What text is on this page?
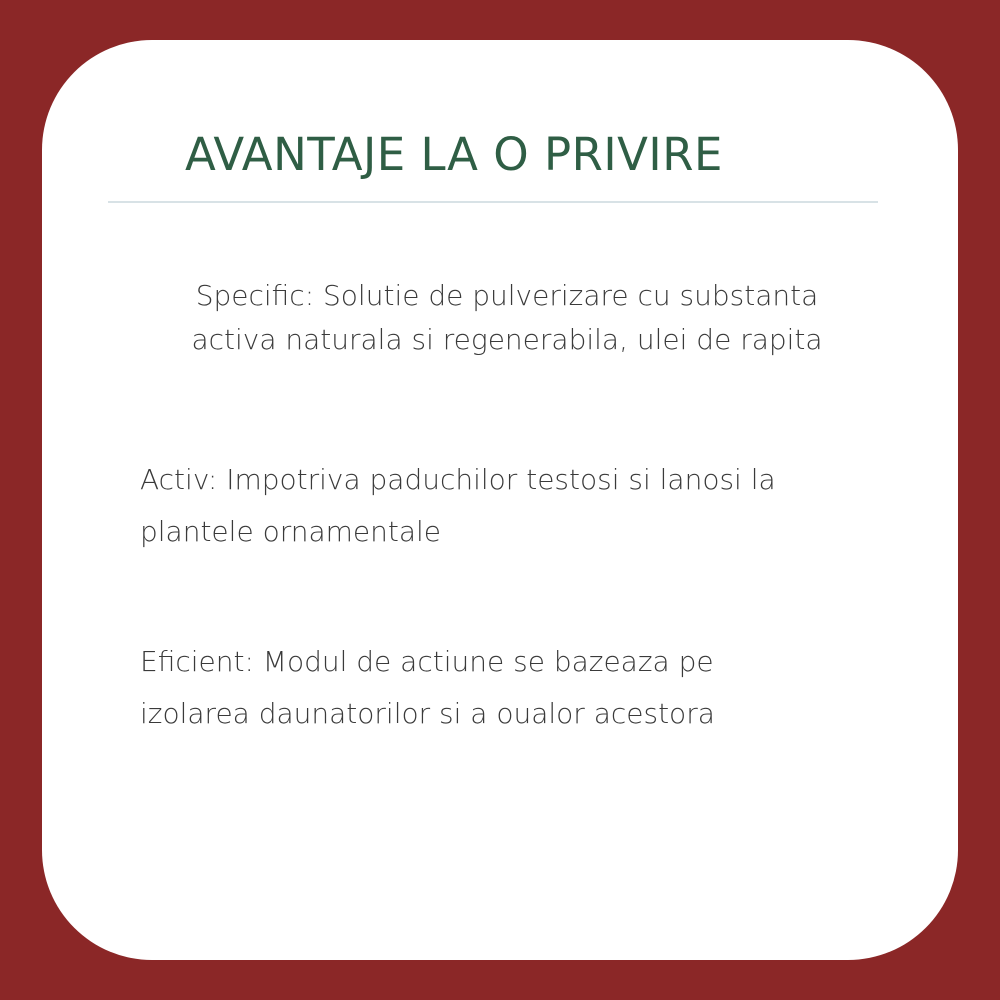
AVANTAJE LA O PRIVIRE
Specific: Solutie de pulverizare cu substanta
activa naturala si regenerabila, ulei de rapita
Activ: Impotriva paduchilor testosi si lanosi la
plantele ornamentale
Eficient: Modul de actiune se bazeaza pe
izolarea daunatorilor si a oualor acestora
